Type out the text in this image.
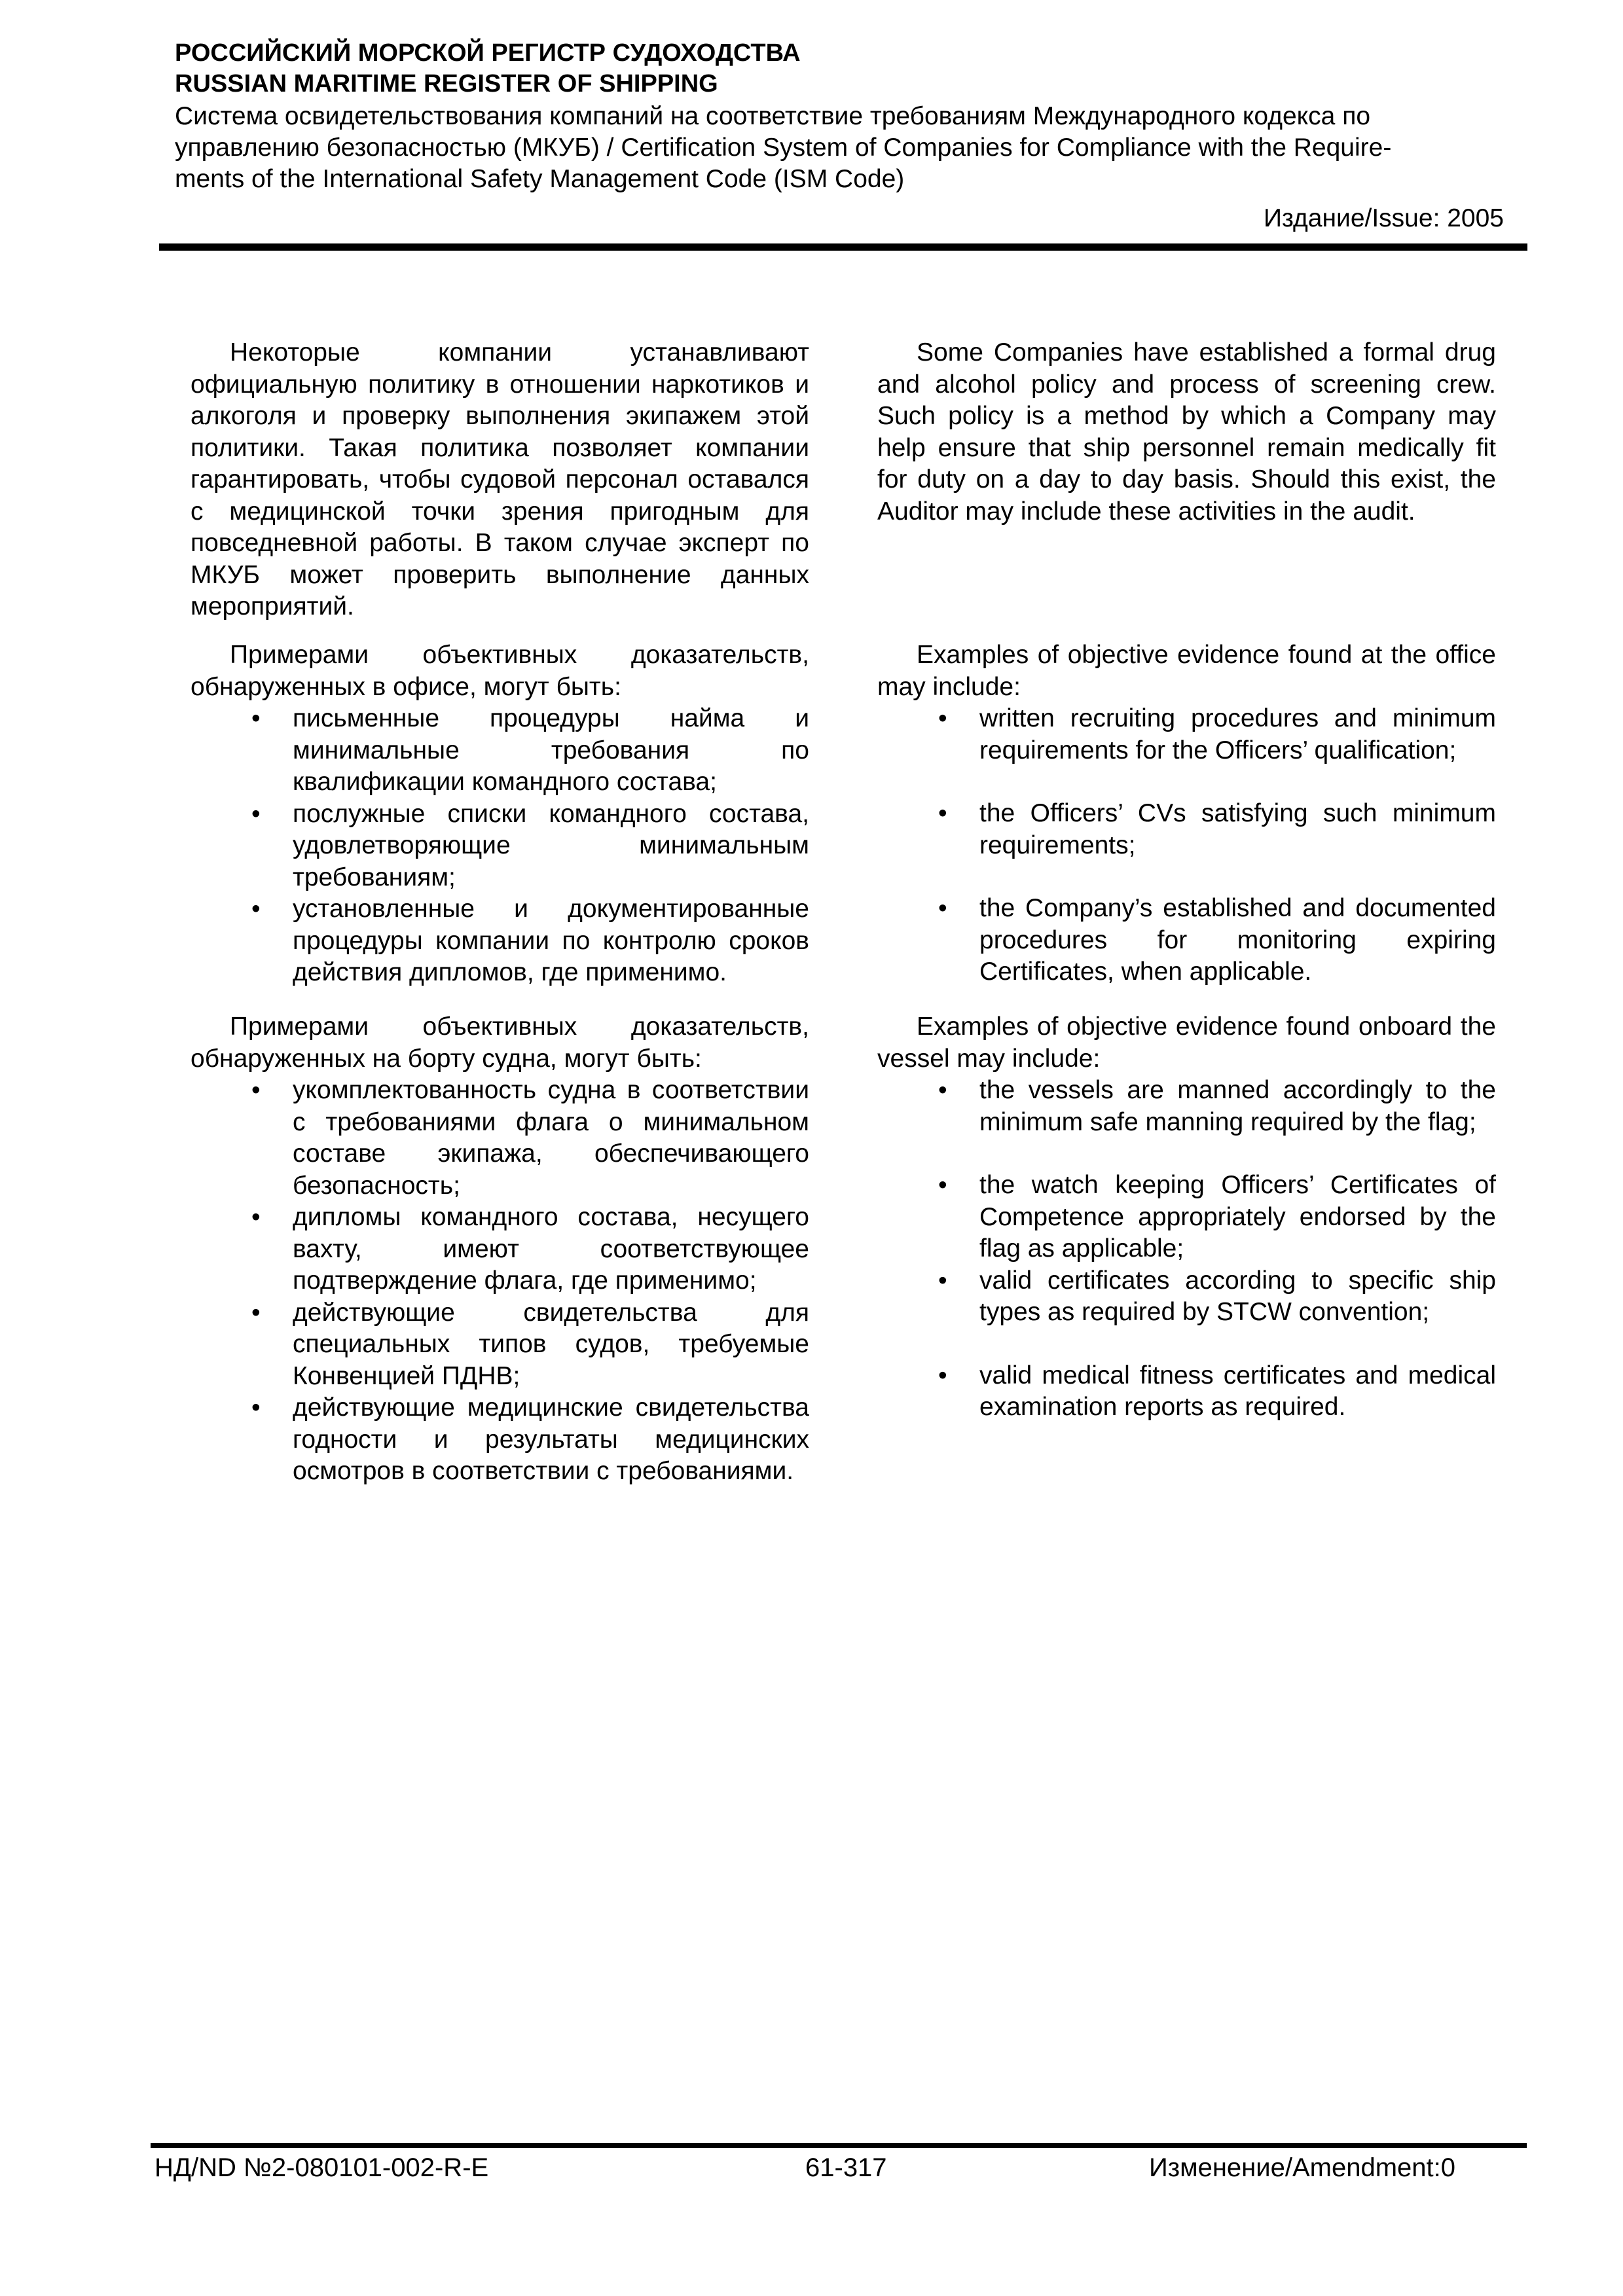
РОССИЙСКИЙ МОРСКОЙ РЕГИСТР СУДОХОДСТВА
RUSSIAN MARITIME REGISTER OF SHIPPING
Система освидетельствования компаний на соответствие требованиям Международного кодекса по
управлению безопасностью (МКУБ) / Certification System of Companies for Compliance with the Require-
ments of the International Safety Management Code (ISM Code)
Издание/Issue: 2005

Некоторые компании устанавливают официальную политику в отношении наркотиков и алкоголя и проверку выполнения экипажем этой политики. Такая политика позволяет компании гарантировать, чтобы судовой персонал оставался с медицинской точки зрения пригодным для повседневной работы. В таком случае эксперт по МКУБ может проверить выполнение данных мероприятий.

Примерами объективных доказательств, обнаруженных в офисе, могут быть:

• письменные процедуры найма и минимальные требования по квалификации командного состава;
• послужные списки командного состава, удовлетворяющие минимальным требованиям;
• установленные и документированные процедуры компании по контролю сроков действия дипломов, где применимо.

Примерами объективных доказательств, обнаруженных на борту судна, могут быть:

• укомплектованность судна в соответствии с требованиями флага о минимальном составе экипажа, обеспечивающего безопасность;
• дипломы командного состава, несущего вахту, имеют соответствующее подтверждение флага, где применимо;
• действующие свидетельства для специальных типов судов, требуемые Конвенцией ПДНВ;
• действующие медицинские свидетельства годности и результаты медицинских осмотров в соответствии с требованиями.

Some Companies have established a formal drug and alcohol policy and process of screening crew. Such policy is a method by which a Company may help ensure that ship personnel remain medically fit for duty on a day to day basis. Should this exist, the Auditor may include these activities in the audit.

Examples of objective evidence found at the office may include:

• written recruiting procedures and minimum requirements for the Officers’ qualification;
• the Officers’ CVs satisfying such minimum requirements;
• the Company’s established and documented procedures for monitoring expiring Certificates, when applicable.

Examples of objective evidence found onboard the vessel may include:

• the vessels are manned accordingly to the minimum safe manning required by the flag;
• the watch keeping Officers’ Certificates of Competence appropriately endorsed by the flag as applicable;
• valid certificates according to specific ship types as required by STCW convention;
• valid medical fitness certificates and medical examination reports as required.
НД/ND №2-080101-002-R-E	61-317	Изменение/Amendment:0
